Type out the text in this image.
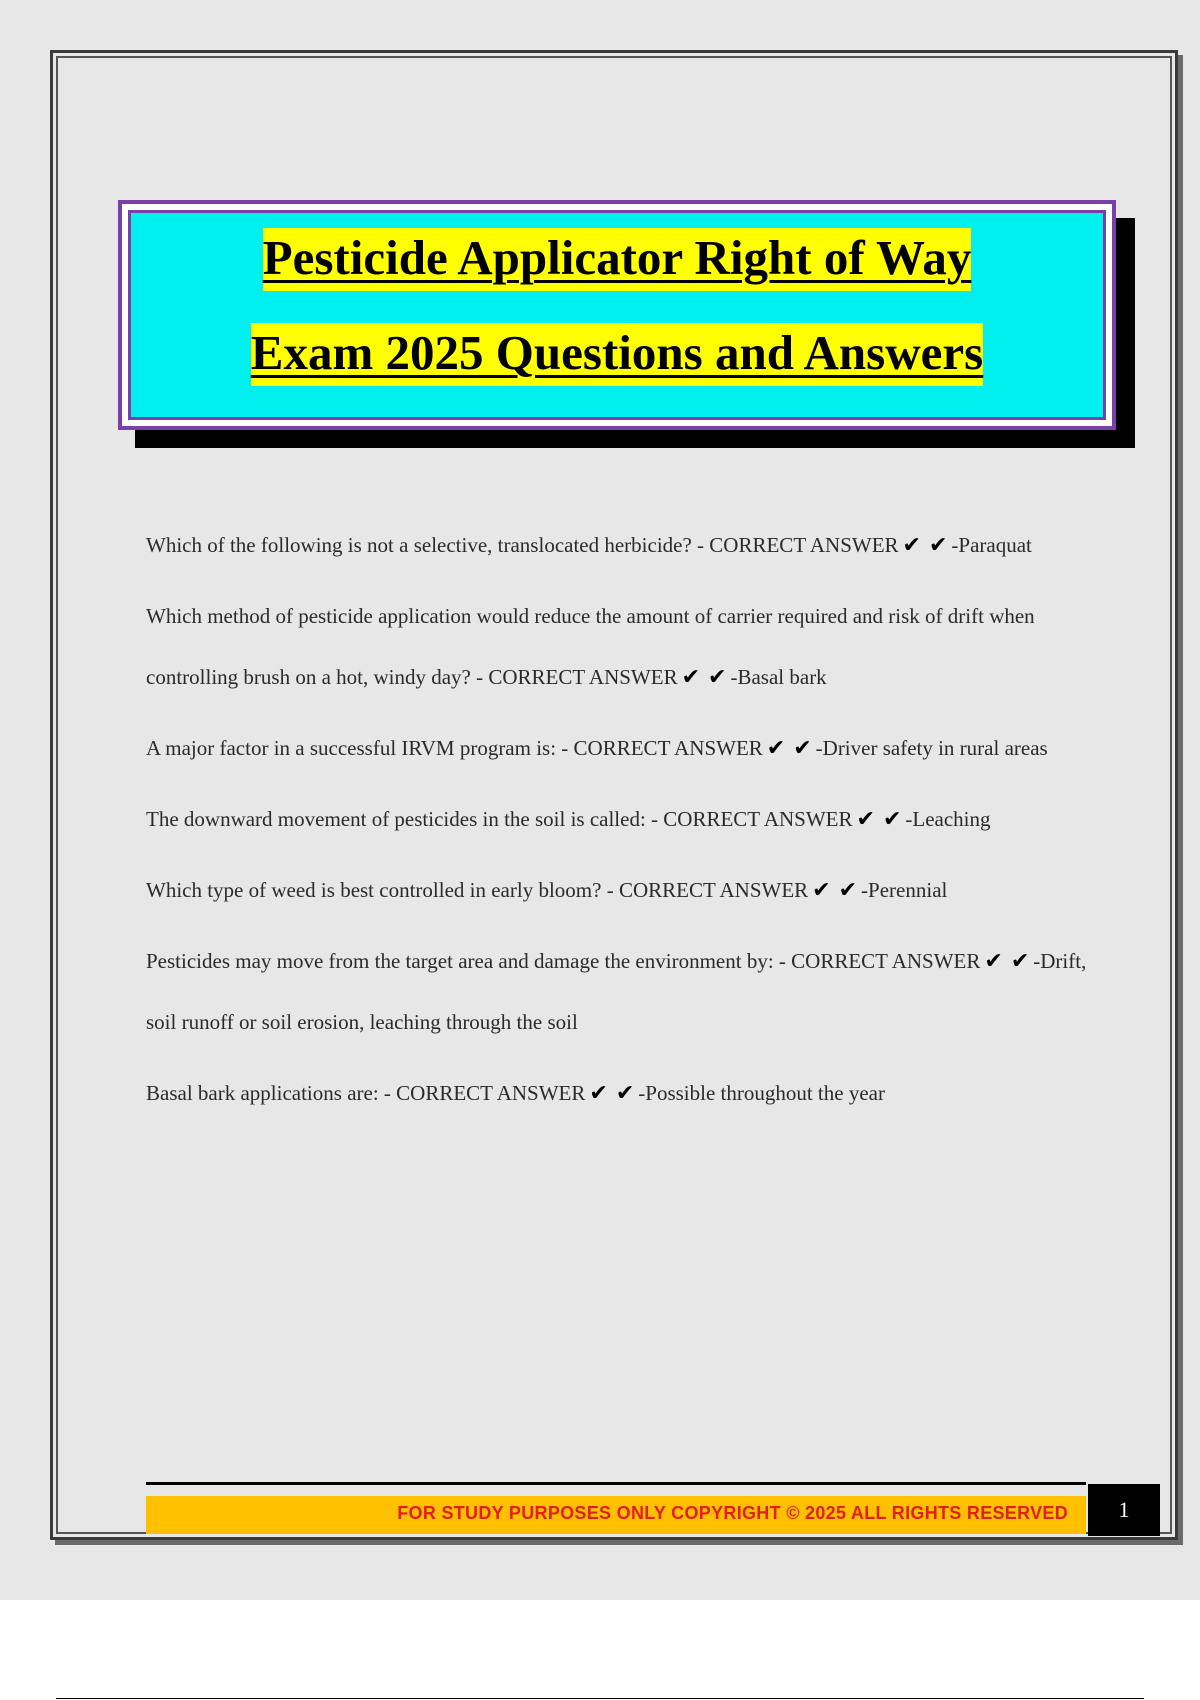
Pesticide Applicator Right of Way
Exam 2025 Questions and Answers
Which of the following is not a selective, translocated herbicide? - CORRECT ANSWER ✔ ✔ -Paraquat
Which method of pesticide application would reduce the amount of carrier required and risk of drift when controlling brush on a hot, windy day? - CORRECT ANSWER ✔ ✔ -Basal bark
A major factor in a successful IRVM program is: - CORRECT ANSWER ✔ ✔ -Driver safety in rural areas
The downward movement of pesticides in the soil is called: - CORRECT ANSWER ✔ ✔ -Leaching
Which type of weed is best controlled in early bloom? - CORRECT ANSWER ✔ ✔ -Perennial
Pesticides may move from the target area and damage the environment by: - CORRECT ANSWER ✔ ✔ -Drift, soil runoff or soil erosion, leaching through the soil
Basal bark applications are: - CORRECT ANSWER ✔ ✔ -Possible throughout the year
FOR STUDY PURPOSES ONLY COPYRIGHT © 2025 ALL RIGHTS RESERVED	1
